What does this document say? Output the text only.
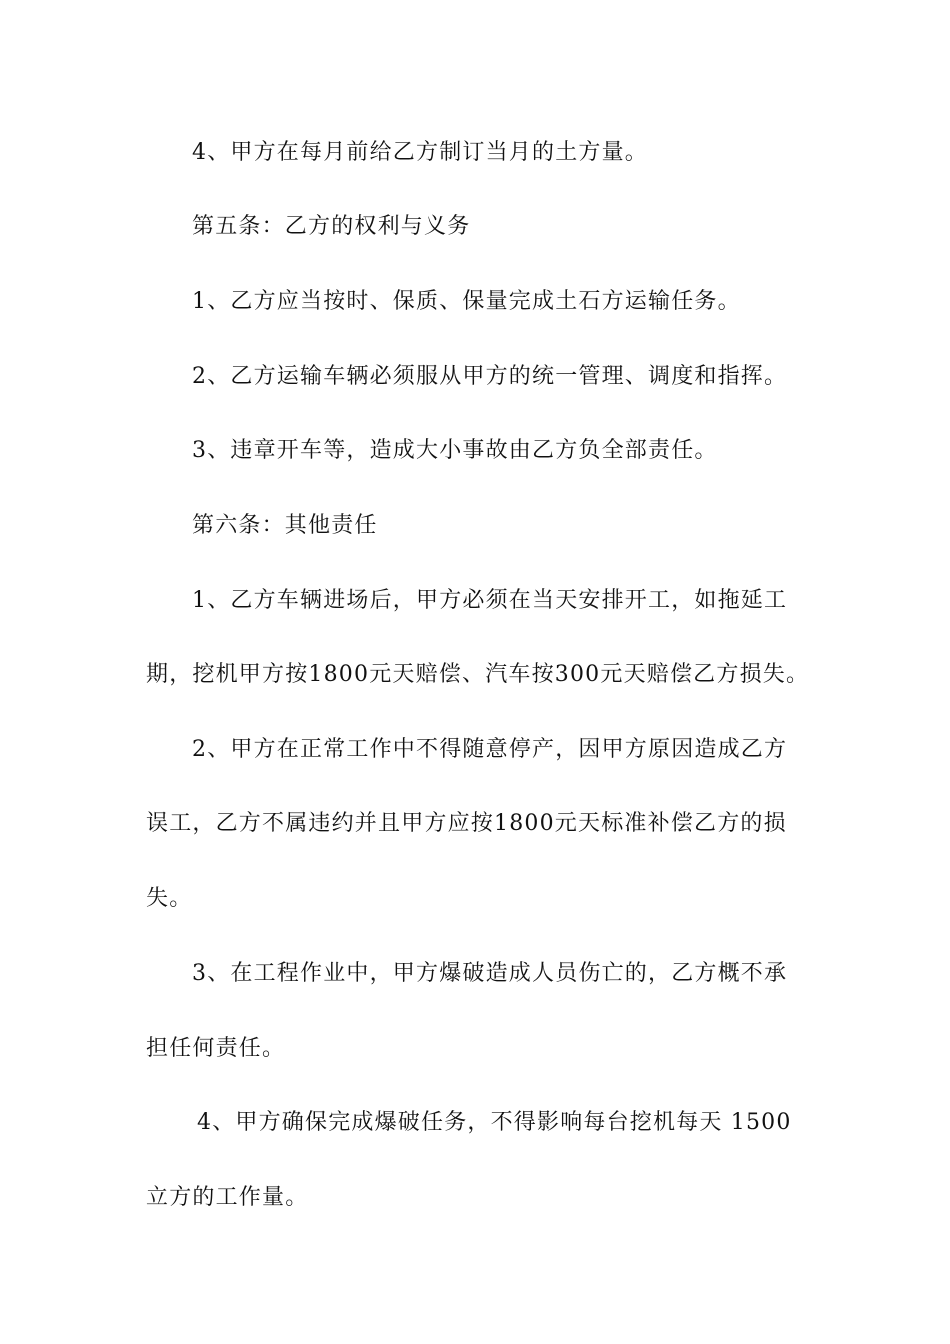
4、甲方在每月前给乙方制订当月的土方量。
第五条：乙方的权利与义务
1、乙方应当按时、保质、保量完成土石方运输任务。
2、乙方运输车辆必须服从甲方的统一管理、调度和指挥。
3、违章开车等，造成大小事故由乙方负全部责任。
第六条：其他责任
1、乙方车辆进场后，甲方必须在当天安排开工，如拖延工
期，挖机甲方按1800元天赔偿、汽车按300元天赔偿乙方损失。
2、甲方在正常工作中不得随意停产，因甲方原因造成乙方
误工，乙方不属违约并且甲方应按1800元天标准补偿乙方的损
失。
3、在工程作业中，甲方爆破造成人员伤亡的，乙方概不承
担任何责任。
4、甲方确保完成爆破任务，不得影响每台挖机每天 1500
立方的工作量。
